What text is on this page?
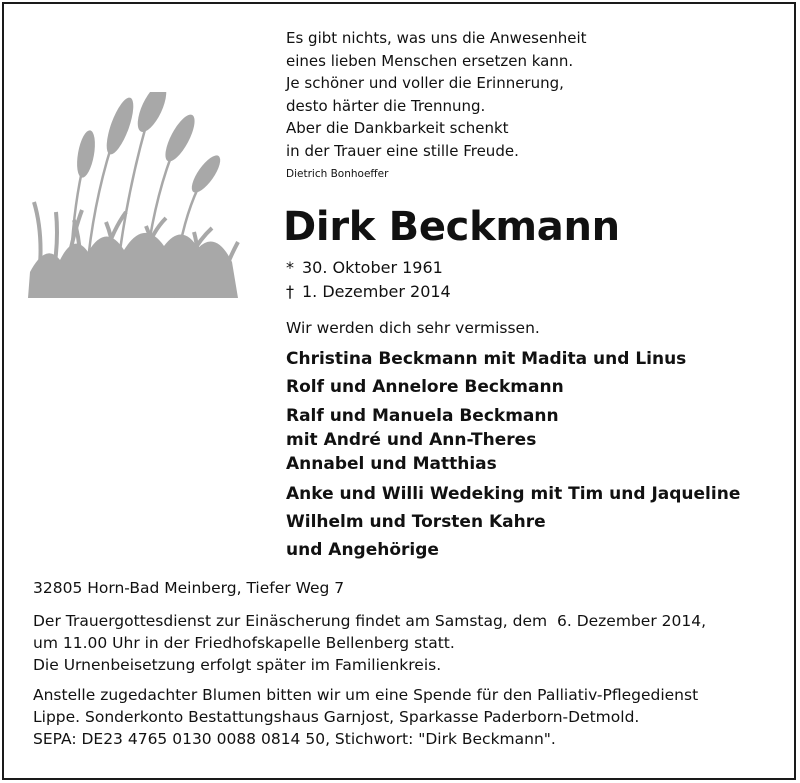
Es gibt nichts, was uns die Anwesenheit
eines lieben Menschen ersetzen kann.
Je schöner und voller die Erinnerung,
desto härter die Trennung.
Aber die Dankbarkeit schenkt
in der Trauer eine stille Freude.
Dietrich Bonhoeffer
Dirk Beckmann
* 30. Oktober 1961
† 1. Dezember 2014
Wir werden dich sehr vermissen.
Christina Beckmann mit Madita und Linus
Rolf und Annelore Beckmann
Ralf und Manuela Beckmann
mit André und Ann-Theres
Annabel und Matthias
Anke und Willi Wedeking mit Tim und Jaqueline
Wilhelm und Torsten Kahre
und Angehörige
32805 Horn-Bad Meinberg, Tiefer Weg 7
Der Trauergottesdienst zur Einäscherung findet am Samstag, dem  6. Dezember 2014,
um 11.00 Uhr in der Friedhofskapelle Bellenberg statt.
Die Urnenbeisetzung erfolgt später im Familienkreis.
Anstelle zugedachter Blumen bitten wir um eine Spende für den Palliativ-Pflegedienst
Lippe. Sonderkonto Bestattungshaus Garnjost, Sparkasse Paderborn-Detmold.
SEPA: DE23 4765 0130 0088 0814 50, Stichwort: "Dirk Beckmann".
